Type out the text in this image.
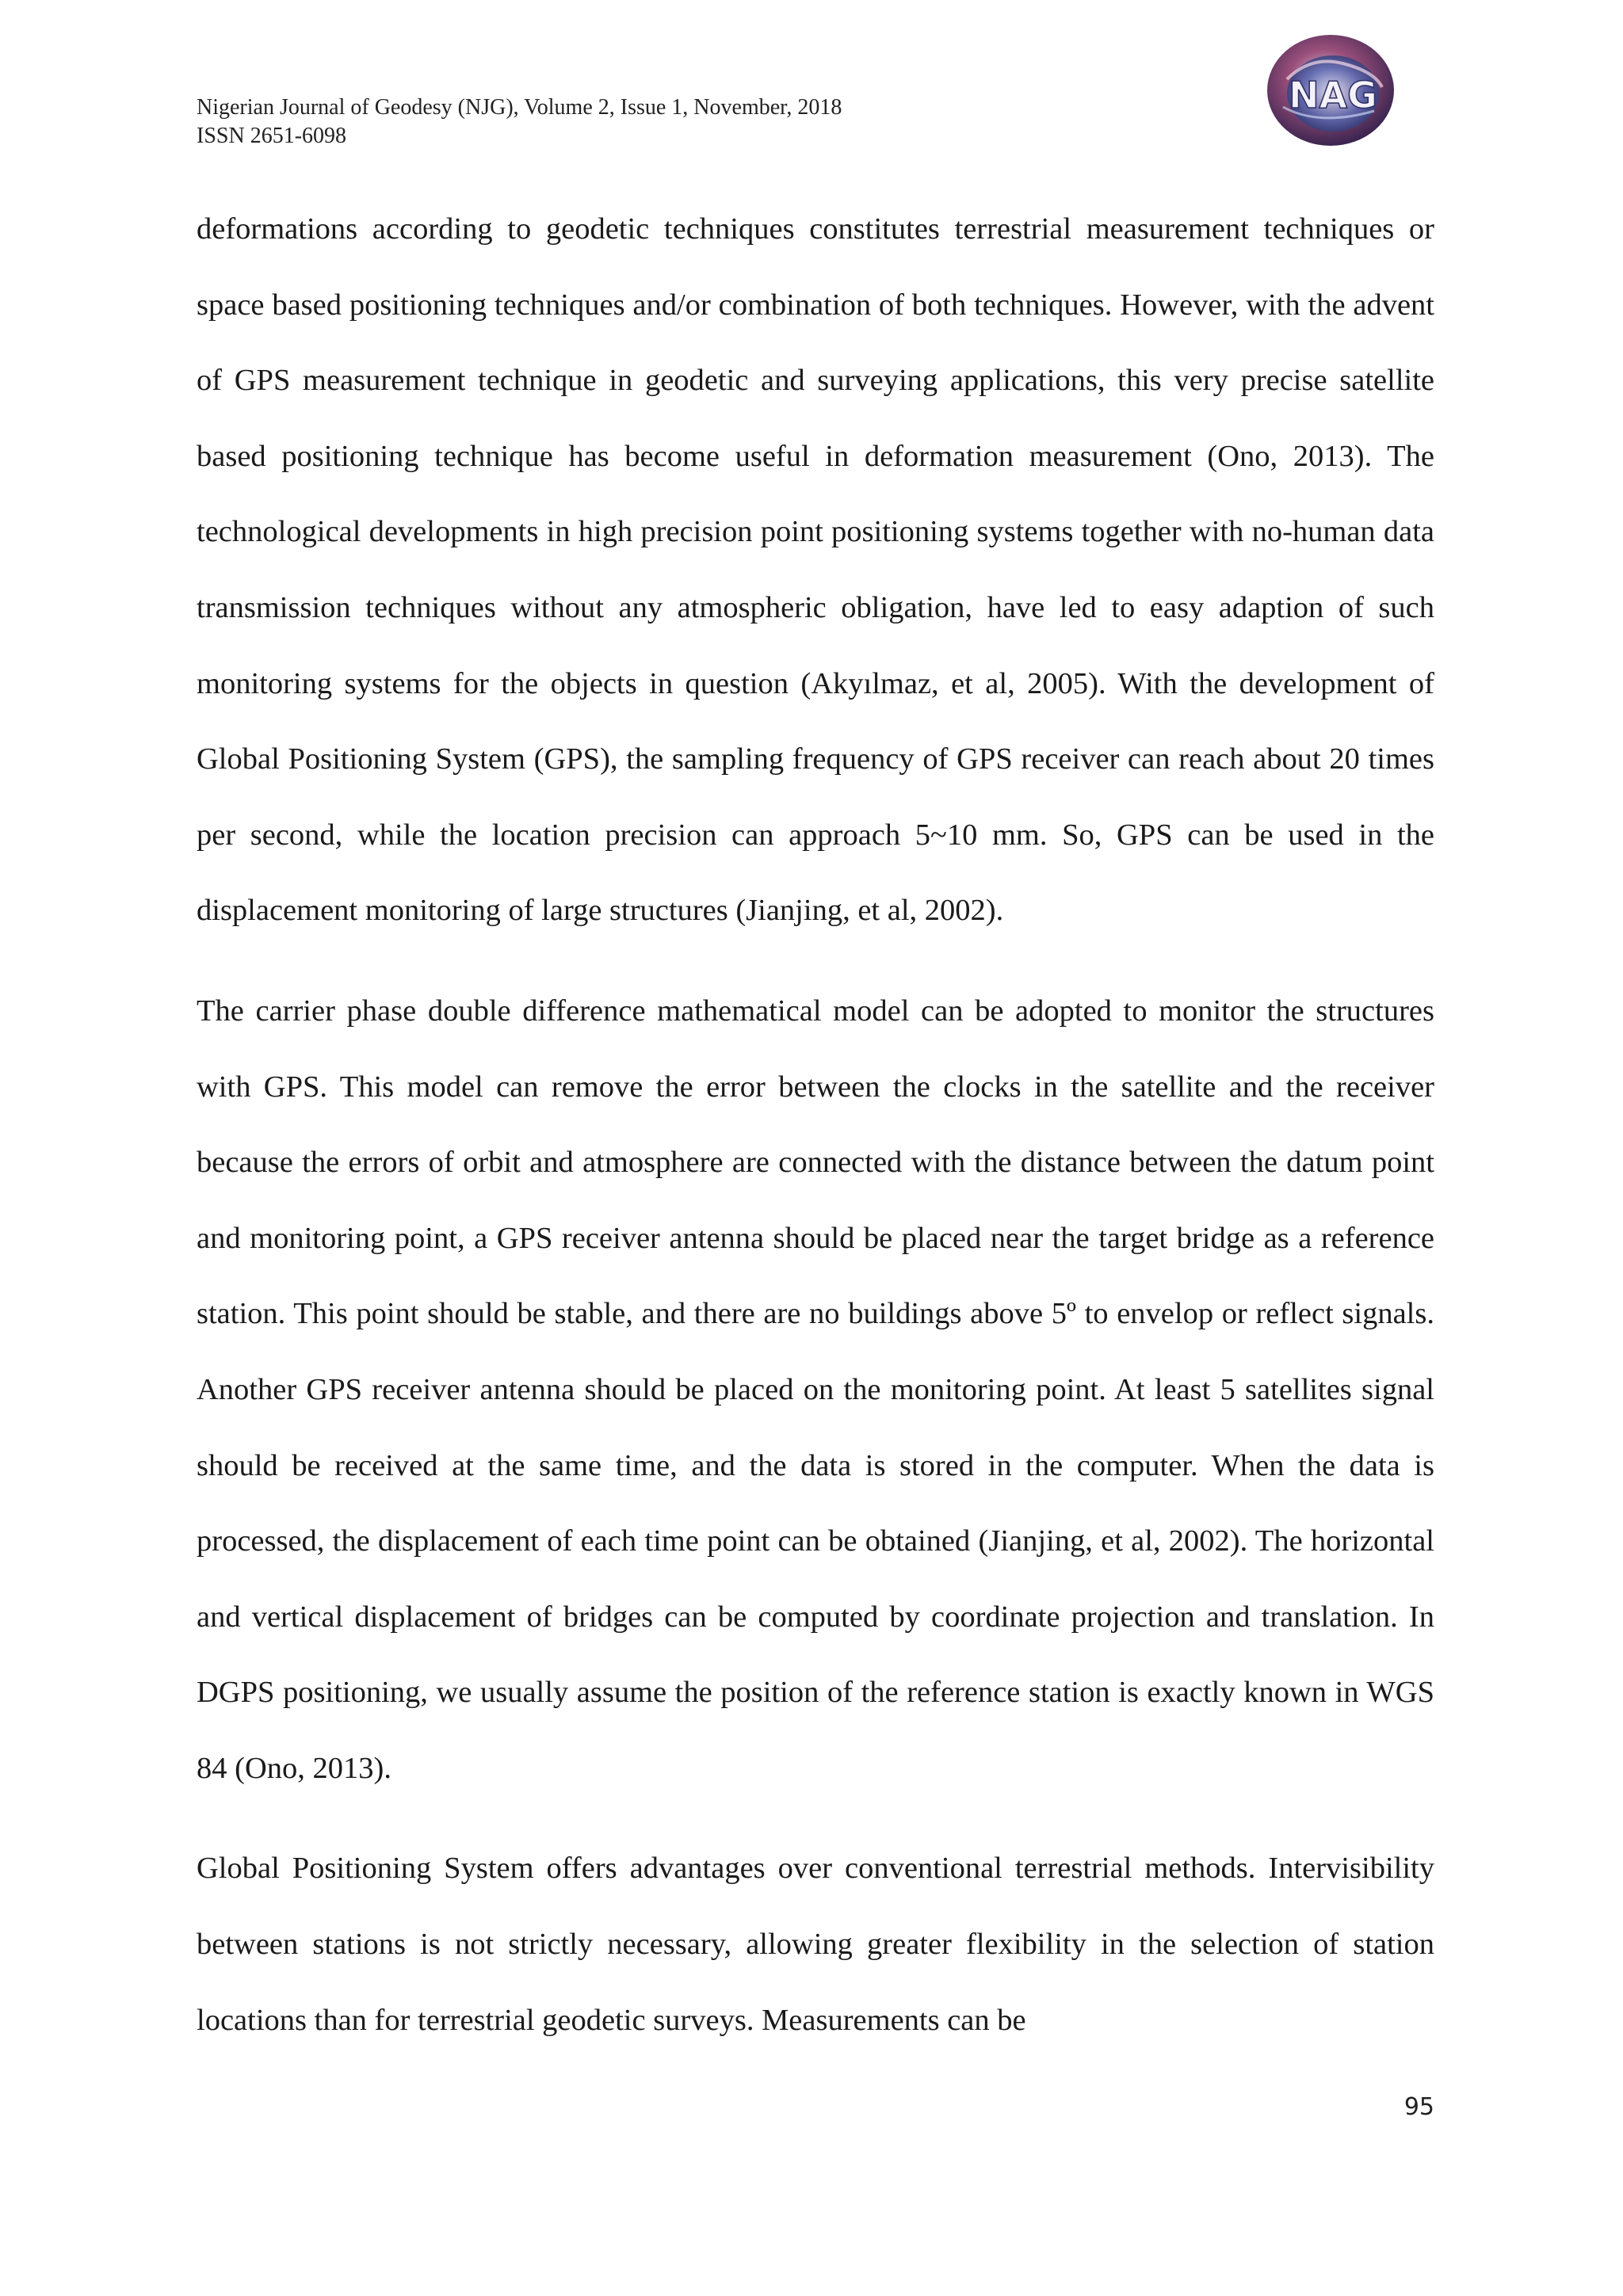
Nigerian Journal of Geodesy (NJG), Volume 2, Issue 1, November, 2018
ISSN 2651-6098
NAG

deformations according to geodetic techniques constitutes terrestrial measurement techniques or space based positioning techniques and/or combination of both techniques. However, with the advent of GPS measurement technique in geodetic and surveying applications, this very precise satellite based positioning technique has become useful in deformation measurement (Ono, 2013). The technological developments in high precision point positioning systems together with no-human data transmission techniques without any atmospheric obligation, have led to easy adaption of such monitoring systems for the objects in question (Akyılmaz, et al, 2005). With the development of Global Positioning System (GPS), the sampling frequency of GPS receiver can reach about 20 times per second, while the location precision can approach 5~10 mm. So, GPS can be used in the displacement monitoring of large structures (Jianjing, et al, 2002).

The carrier phase double difference mathematical model can be adopted to monitor the structures with GPS. This model can remove the error between the clocks in the satellite and the receiver because the errors of orbit and atmosphere are connected with the distance between the datum point and monitoring point, a GPS receiver antenna should be placed near the target bridge as a reference station. This point should be stable, and there are no buildings above 5º to envelop or reflect signals. Another GPS receiver antenna should be placed on the monitoring point. At least 5 satellites signal should be received at the same time, and the data is stored in the computer. When the data is processed, the displacement of each time point can be obtained (Jianjing, et al, 2002). The horizontal and vertical displacement of bridges can be computed by coordinate projection and translation. In DGPS positioning, we usually assume the position of the reference station is exactly known in WGS 84 (Ono, 2013).

Global Positioning System offers advantages over conventional terrestrial methods. Intervisibility between stations is not strictly necessary, allowing greater flexibility in the selection of station locations than for terrestrial geodetic surveys. Measurements can be

95
